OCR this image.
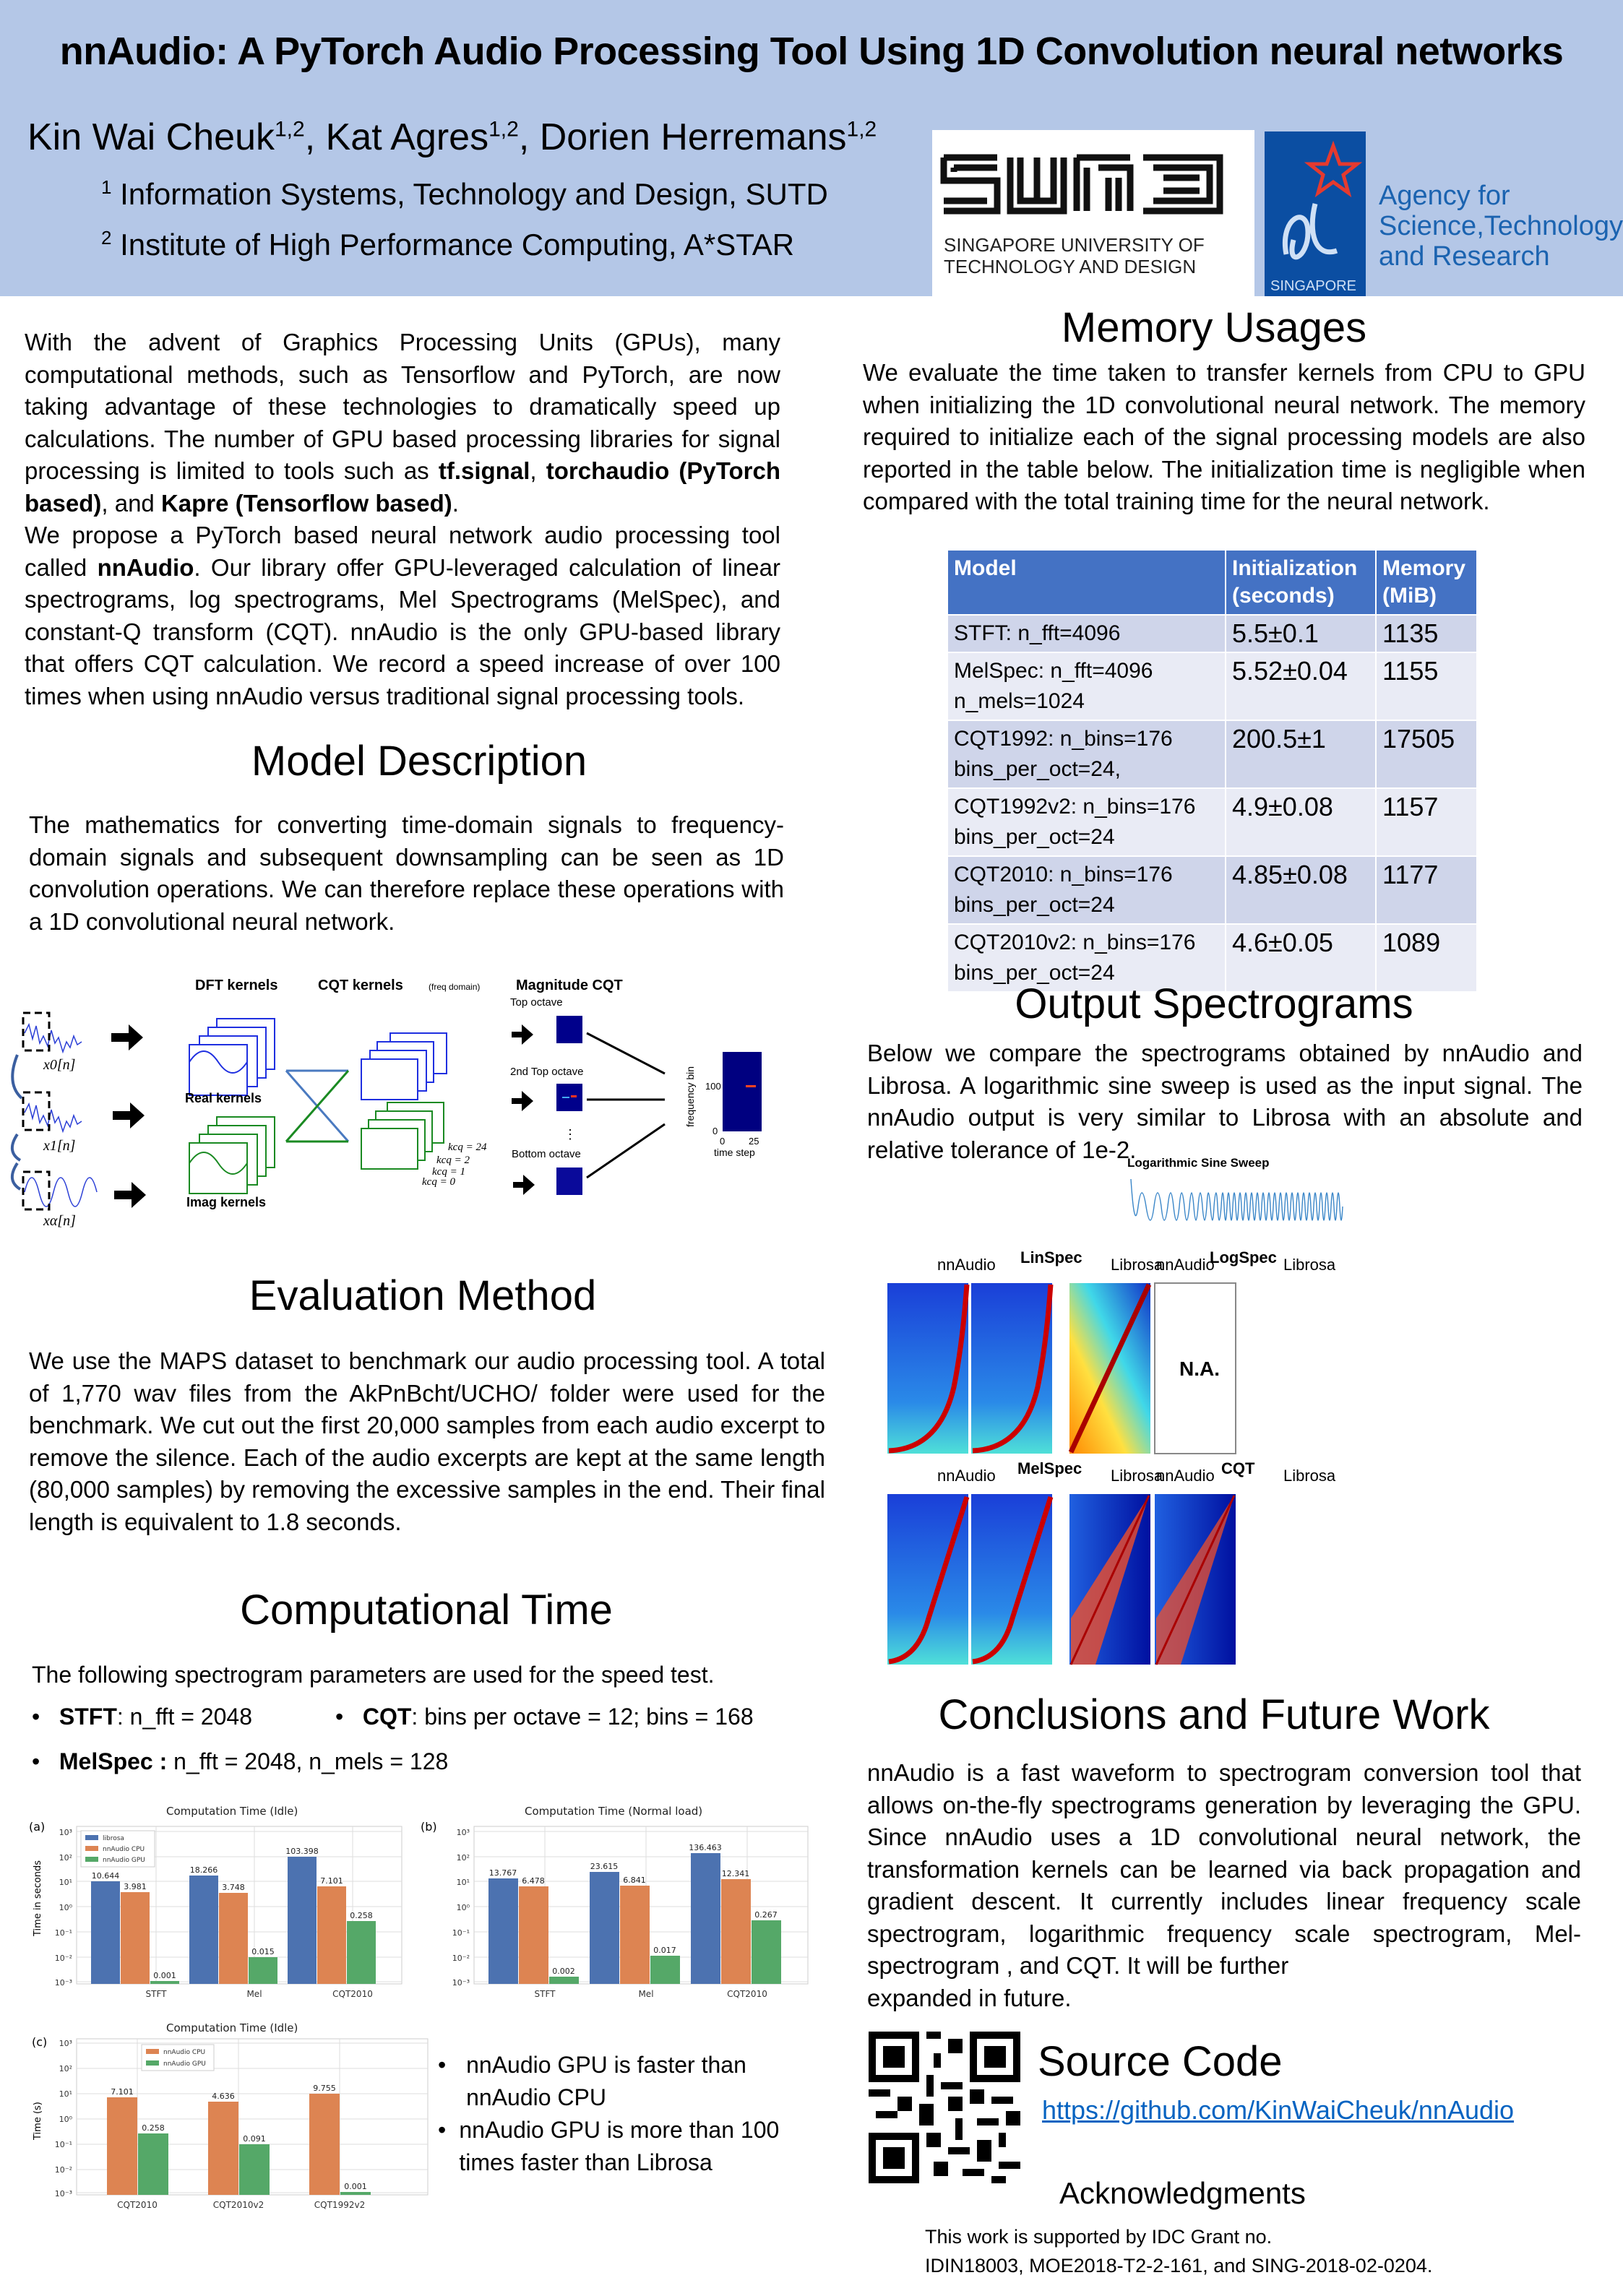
nnAudio: A PyTorch Audio Processing Tool Using 1D Convolution neural networks
Kin Wai Cheuk$^{1,2}$, Kat Agres$^{1,2}$, Dorien Herremans$^{1,2}$
$^1$ Information Systems, Technology and Design, SUTD
$^2$ Institute of High Performance Computing, A*STAR	SINGAPORE UNIVERSITY OF
TECHNOLOGY AND DESIGN
SINGAPORE
Agency for
Science,Technology
and Research
With the advent of Graphics Processing Units (GPUs), many computational methods, such as Tensorflow and PyTorch, are now taking advantage of these technologies to dramatically speed up calculations. The number of GPU based processing libraries for signal processing is limited to tools such as tf.signal, torchaudio (PyTorch based), and Kapre (Tensorflow based).
We propose a PyTorch based neural network audio processing tool called nnAudio. Our library offer GPU-leveraged calculation of linear spectrograms, log spectrograms, Mel Spectrograms (MelSpec), and constant-Q transform (CQT). nnAudio is the only GPU-based library that offers CQT calculation. We record a speed increase of over 100 times when using nnAudio versus traditional signal processing tools.
Model Description
The mathematics for converting time-domain signals to frequency-domain signals and subsequent downsampling can be seen as 1D convolution operations. We can therefore replace these operations with a 1D convolutional neural network.
DFT kernels	CQT kernels	(freq domain) Magnitude CQT
x0[n]
x1[n]
xα[n]
Real kernels
Imag kernels
kcq = 24
kcq = 2
kcq = 1
kcq = 0
Top octave
2nd Top octave
Bottom octave
⋮
frequency bin 100
0
0	25
time step
Evaluation Method
We use the MAPS dataset to benchmark our audio processing tool. A total of 1,770 wav files from the AkPnBcht/UCHO/ folder were used for the benchmark. We cut out the first 20,000 samples from each audio excerpt to remove the silence. Each of the audio excerpts are kept at the same length (80,000 samples) by removing the excessive samples in the end. Their final length is equivalent to 1.8 seconds.
Computational Time
The following spectrogram parameters are used for the speed test.
•   STFT: n_fft = 2048	•   CQT: bins per octave = 12; bins = 168
•   MelSpec : n_fft = 2048, n_mels = 128
Computation Time (Idle)
(a)
Time in seconds
10³
10²
10¹
10⁰
10⁻¹
10⁻²
10⁻³
10.644
3.981
0.001
18.266
3.748
0.015
103.398
7.101
0.258
STFT	Mel	CQT2010
librosa
nnAudio CPU
nnAudio GPU
Computation Time (Normal load)
(b) 10³
10²
10¹
10⁰
10⁻¹
10⁻²
10⁻³
13.767
6.478
0.002
23.615
6.841
0.017
136.463
12.341
0.267
STFT	Mel	CQT2010
Computation Time (Idle)
(c)
Time (s)
10³
10²
10¹
10⁰
10⁻¹
10⁻²
10⁻³
7.101
0.258
4.636
0.091
9.755
0.001
CQT2010	CQT2010v2	CQT1992v2
nnAudio CPU
nnAudio GPU	• nnAudio GPU is faster than nnAudio CPU
• nnAudio GPU is more than 100 times faster than Librosa
Memory Usages
We evaluate the time taken to transfer kernels from CPU to GPU when initializing the 1D convolutional neural network. The memory required to initialize each of the signal processing models are also reported in the table below. The initialization time is negligible when compared with the total training time for the neural network.
Model	Initialization (seconds)	Memory (MiB)
STFT: n_fft=4096	5.5±0.1	1135
MelSpec: n_fft=4096
n_mels=1024	5.52±0.04	1155
CQT1992: n_bins=176
bins_per_oct=24,	200.5±1	17505
CQT1992v2: n_bins=176
bins_per_oct=24	4.9±0.08	1157
CQT2010: n_bins=176
bins_per_oct=24	4.85±0.08	1177
CQT2010v2: n_bins=176
bins_per_oct=24	4.6±0.05	1089
Output Spectrograms
Below we compare the spectrograms obtained by nnAudio and Librosa. A logarithmic sine sweep is used as the input signal. The nnAudio output is very similar to Librosa with an absolute and relative tolerance of 1e-2.
Logarithmic Sine Sweep
nnAudio LinSpec Librosa
nnAudio
LogSpec Librosa
N.A.
nnAudio MelSpec Librosa
nnAudio CQT Librosa
Conclusions and Future Work
nnAudio is a fast waveform to spectrogram conversion tool that allows on-the-fly spectrograms generation by leveraging the GPU. Since nnAudio uses a 1D convolutional neural network, the transformation kernels can be learned via back propagation and gradient descent. It currently includes linear frequency scale spectrogram, logarithmic frequency scale spectrogram, Mel-spectrogram , and CQT. It will be further
expanded in future.
Source Code
https://github.com/KinWaiCheuk/nnAudio
Acknowledgments
This work is supported by IDC Grant no.
IDIN18003, MOE2018-T2-2-161, and SING-2018-02-0204.
